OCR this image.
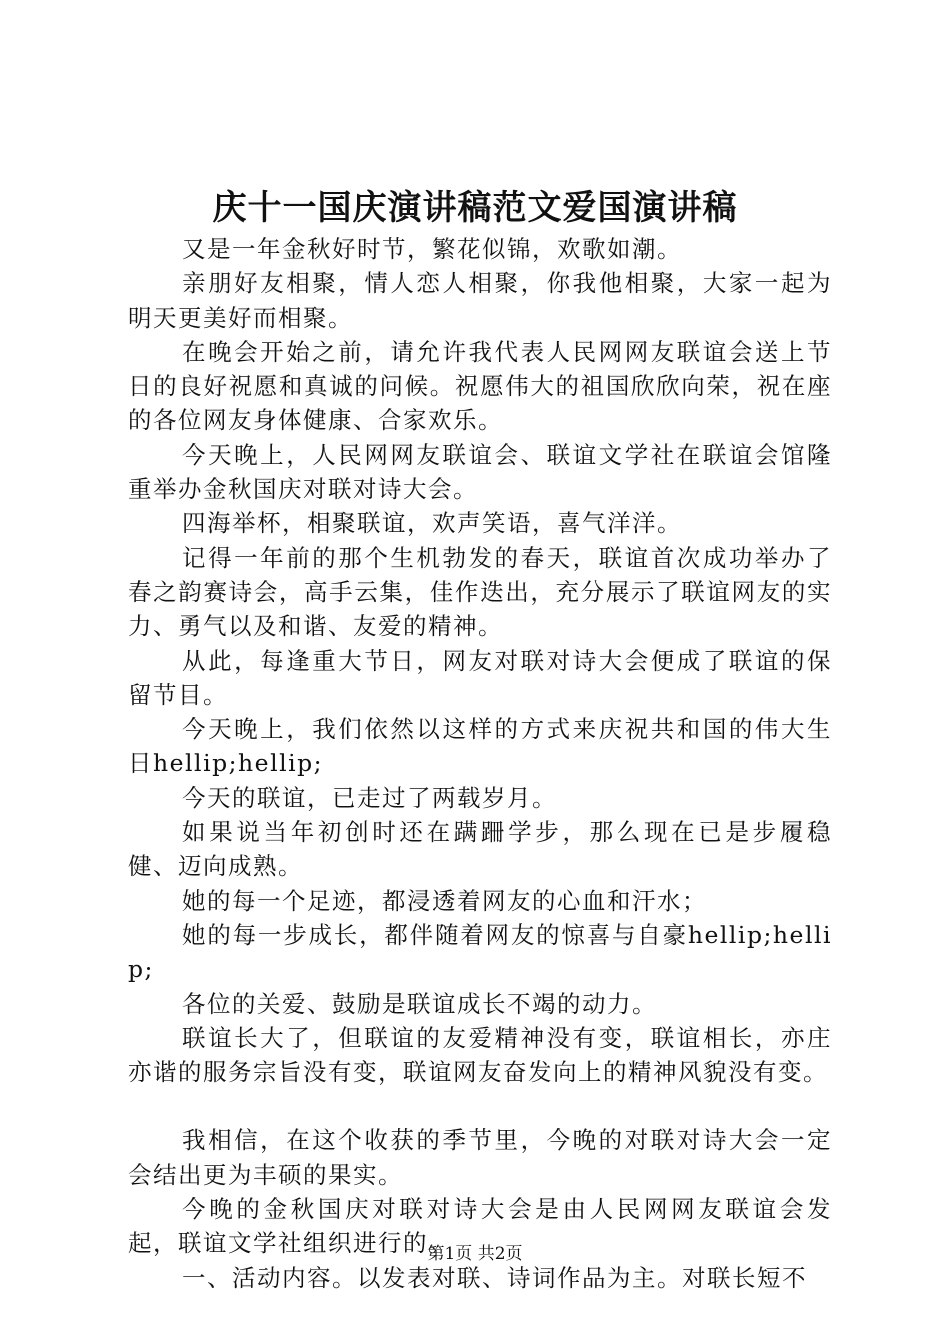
庆十一国庆演讲稿范文爱国演讲稿

又是一年金秋好时节，繁花似锦，欢歌如潮。

亲朋好友相聚，情人恋人相聚，你我他相聚，大家一起为明天更美好而相聚。

在晚会开始之前，请允许我代表人民网网友联谊会送上节日的良好祝愿和真诚的问候。祝愿伟大的祖国欣欣向荣，祝在座的各位网友身体健康、合家欢乐。

今天晚上，人民网网友联谊会、联谊文学社在联谊会馆隆重举办金秋国庆对联对诗大会。

四海举杯，相聚联谊，欢声笑语，喜气洋洋。

记得一年前的那个生机勃发的春天，联谊首次成功举办了春之韵赛诗会，高手云集，佳作迭出，充分展示了联谊网友的实力、勇气以及和谐、友爱的精神。

从此，每逢重大节日，网友对联对诗大会便成了联谊的保留节目。

今天晚上，我们依然以这样的方式来庆祝共和国的伟大生日hellip;hellip;

今天的联谊，已走过了两载岁月。

如果说当年初创时还在蹒跚学步，那么现在已是步履稳健、迈向成熟。

她的每一个足迹，都浸透着网友的心血和汗水；

她的每一步成长，都伴随着网友的惊喜与自豪hellip;hellip;

各位的关爱、鼓励是联谊成长不竭的动力。

联谊长大了，但联谊的友爱精神没有变，联谊相长，亦庄亦谐的服务宗旨没有变，联谊网友奋发向上的精神风貌没有变。

我相信，在这个收获的季节里，今晚的对联对诗大会一定会结出更为丰硕的果实。

今晚的金秋国庆对联对诗大会是由人民网网友联谊会发起，联谊文学社组织进行的。

一、活动内容。以发表对联、诗词作品为主。对联长短不

第1页 共2页
